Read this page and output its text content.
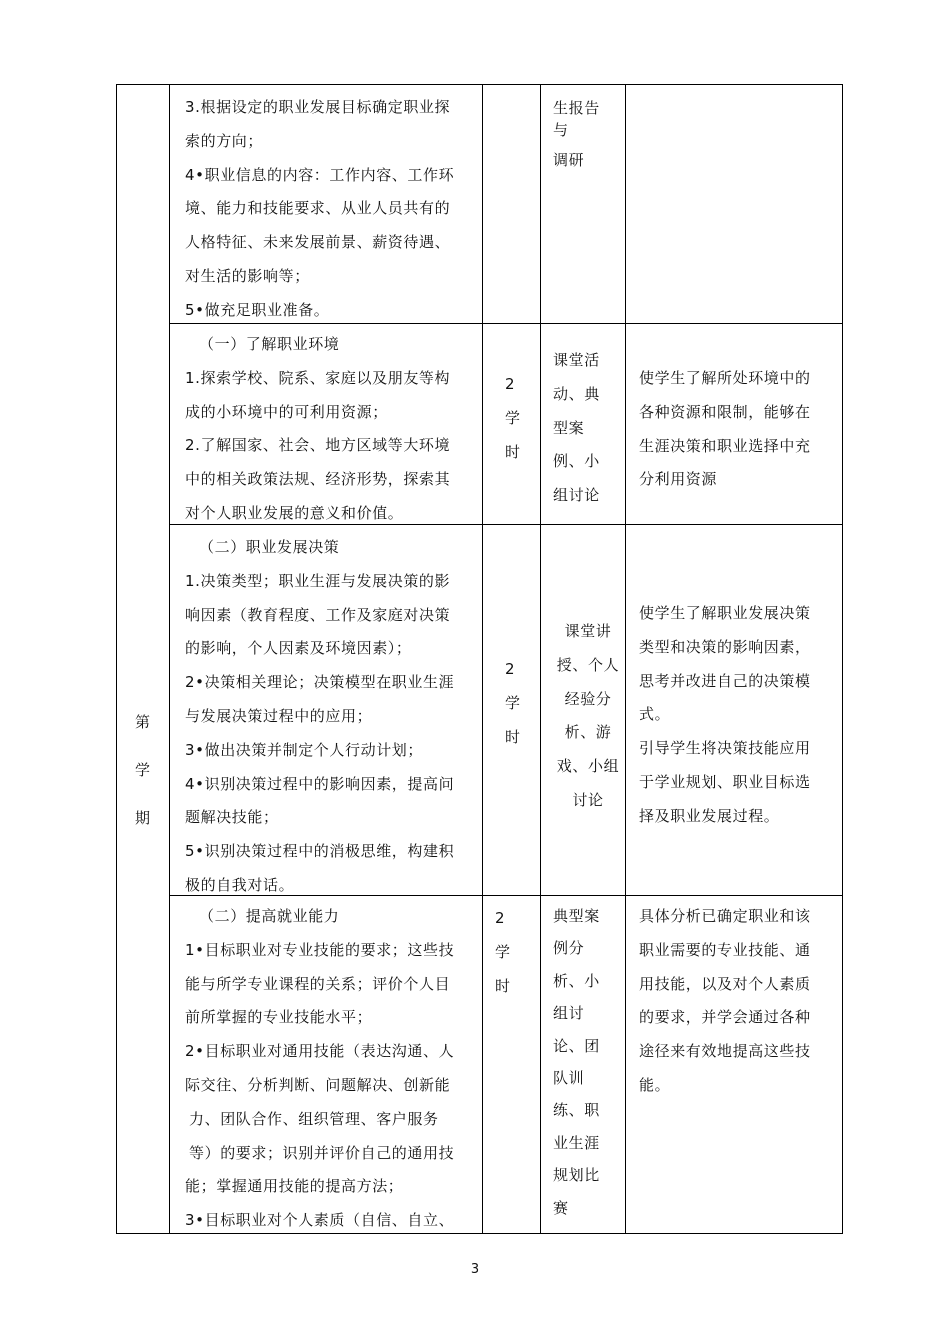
3.根据设定的职业发展目标确定职业探

索的方向；

4•职业信息的内容：工作内容、工作环

境、能力和技能要求、从业人员共有的

人格特征、未来发展前景、薪资待遇、

对生活的影响等；

5•做充足职业准备。

生报告

与

调研

（一）了解职业环境

1.探索学校、院系、家庭以及朋友等构

成的小环境中的可利用资源；

2.了解国家、社会、地方区域等大环境

中的相关政策法规、经济形势，探索其

对个人职业发展的意义和价值。

2

学

时

课堂活

动、典

型案

例、小

组讨论

使学生了解所处环境中的

各种资源和限制，能够在

生涯决策和职业选择中充

分利用资源

（二）职业发展决策

1.决策类型；职业生涯与发展决策的影

响因素（教育程度、工作及家庭对决策

的影响，个人因素及环境因素）；

2•决策相关理论；决策模型在职业生涯

与发展决策过程中的应用；

3•做出决策并制定个人行动计划；

4•识别决策过程中的影响因素，提高问

题解决技能；

5•识别决策过程中的消极思维，构建积

极的自我对话。

2

学

时

课堂讲

授、个人

经验分

析、游

戏、小组

讨论

使学生了解职业发展决策

类型和决策的影响因素，

思考并改进自己的决策模

式。

引导学生将决策技能应用

于学业规划、职业目标选

择及职业发展过程。

（二）提高就业能力

1•目标职业对专业技能的要求；这些技

能与所学专业课程的关系；评价个人目

前所掌握的专业技能水平；

2•目标职业对通用技能（表达沟通、人

际交往、分析判断、问题解决、创新能

力、团队合作、组织管理、客户服务

等）的要求；识别并评价自己的通用技

能；掌握通用技能的提高方法；

3•目标职业对个人素质（自信、自立、

2

学

时

典型案

例分

析、小

组讨

论、团

队训

练、职

业生涯

规划比

赛

具体分析已确定职业和该

职业需要的专业技能、通

用技能，以及对个人素质

的要求，并学会通过各种

途径来有效地提高这些技

能。

第

学

期

3
